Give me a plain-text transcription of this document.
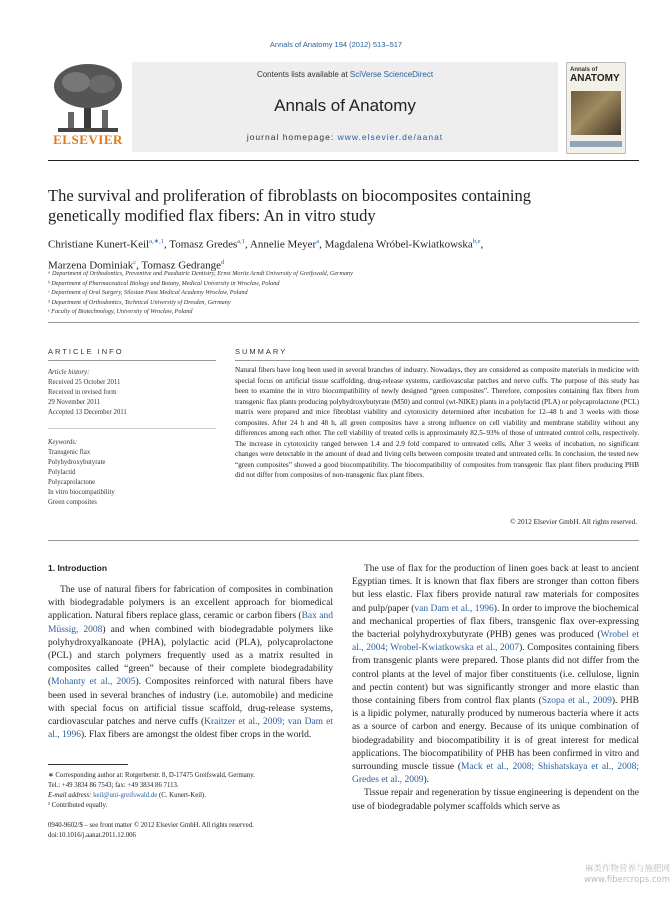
Annals of Anatomy 194 (2012) 513–517
ELSEVIER
Contents lists available at SciVerse ScienceDirect
Annals of Anatomy
journal homepage: www.elsevier.de/aanat
Annals of
ANATOMY
The survival and proliferation of fibroblasts on biocomposites containing
genetically modified flax fibers: An in vitro study
Christiane Kunert-Keil$^{a,∗,1}$, Tomasz Gredes$^{a,1}$, Annelie Meyer$^a$, Magdalena Wróbel-Kwiatkowska$^{b,e}$,
Marzena Dominiak$^c$, Tomasz Gedrange$^d$
ᵃ Department of Orthodontics, Preventive and Paediatric Dentistry, Ernst Moritz Arndt University of Greifswald, Germany
ᵇ Department of Pharmaceutical Biology and Botany, Medical University in Wrocław, Poland
ᶜ Department of Oral Surgery, Silesian Piast Medical Academy Wrocław, Poland
ᵈ Department of Orthodontics, Technical University of Dresden, Germany
ᵉ Faculty of Biotechnology, University of Wrocław, Poland
ARTICLE INFO
Article history:
Received 25 October 2011
Received in revised form
29 November 2011
Accepted 13 December 2011
Keywords:
Transgenic flax
Polyhydroxybutyrate
Polylactid
Polycaprolactone
In vitro biocompatibility
Green composites
SUMMARY
Natural fibers have long been used in several branches of industry. Nowadays, they are considered as composite materials in medicine with special focus on artificial tissue scaffolding, drug-release systems, cardiovascular patches and nerve cuffs. The purpose of this study has been to examine the in vitro biocompatibility of newly designed “green composites”. Therefore, composites containing flax fibers from transgenic flax plants producing polyhydroxybutyrate (M50) and control (wt-NIKE) plants in a polylactid (PLA) or polycaprolactone (PCL) matrix were prepared and mice fibroblast viability and cytotoxicity determined after incubation for 12–48 h and 3 weeks with those composites. After 24 h and 48 h, all green composites have a strong influence on cell viability and membrane stability without any differences among each other. The cell viability of treated cells is approximately 82.5–93% of those of untreated control cells, respectively. The increase in cytotoxicity ranged between 1.4 and 2.9 fold compared to untreated cells. After 3 weeks of incubation, no significant changes were detectable in the amount of dead and living cells between composite treated and untreated cells. In conclusion, the tested new “green composites” showed a good biocompatibility. The biocompatibility of composites from transgenic flax plant fibers producing PHB did not differ from composites of non-transgenic flax plant fibers.
© 2012 Elsevier GmbH. All rights reserved.
1. Introduction

The use of natural fibers for fabrication of composites in combination with biodegradable polymers is an excellent approach for biomedical application. Natural fibers replace glass, ceramic or carbon fibers (Bax and Müssig, 2008) and when combined with biodegradable polymers like polyhydroxyalkanoate (PHA), polylactic acid (PLA), polycaprolactone (PCL) and starch polymers frequently used as a matrix resulted in composites called “green” because of their complete biodegradability (Mohanty et al., 2005). Composites reinforced with natural fibers have been used in several branches of industry (i.e. automobile) and medicine with special focus on artificial tissue scaffold, drug-release systems, cardiovascular patches and nerve cuffs (Kraitzer et al., 2009; van Dam et al., 1996). Flax fibers are amongst the oldest fiber crops in the world.

The use of flax for the production of linen goes back at least to ancient Egyptian times. It is known that flax fibers are stronger than cotton fibers but less elastic. Flax fibers provide natural raw materials for composites and pulp/paper (van Dam et al., 1996). In order to improve the biochemical and mechanical properties of flax fibers, transgenic flax over-expressing the bacterial polyhydroxybutyrate (PHB) genes was produced (Wrobel et al., 2004; Wrobel-Kwiatkowska et al., 2007). Composites containing fibers from transgenic plants were prepared. Those plants did not differ from the control plants at the level of major fiber constituents (i.e. cellulose, lignin and pectin content) but was significantly stronger and more elastic than those containing fibers from control flax plants (Szopa et al., 2009). PHB is a lipidic polymer, naturally produced by numerous bacteria where it acts as a source of carbon and energy. Because of its unique combination of biodegradability and biocompatibility it is of great interest for medical applications. The biocompatibility of PHB has been confirmed in vitro and surrounding muscle tissue (Mack et al., 2008; Shishatskaya et al., 2008; Gredes et al., 2009).

Tissue repair and regeneration by tissue engineering is dependent on the use of biodegradable polymer scaffolds which serve as

∗ Corresponding author at: Rotgerberstr. 8, D-17475 Greifswald, Germany.
Tel.: +49 3834 86 7543; fax: +49 3834 86 7113.
E-mail address: keil@uni-greifswald.de (C. Kunert-Keil).
¹ Contributed equally.
0940-9602/$ – see front matter © 2012 Elsevier GmbH. All rights reserved.
doi:10.1016/j.aanat.2011.12.006
麻类作物营养与施肥网
www.fibercrops.com
